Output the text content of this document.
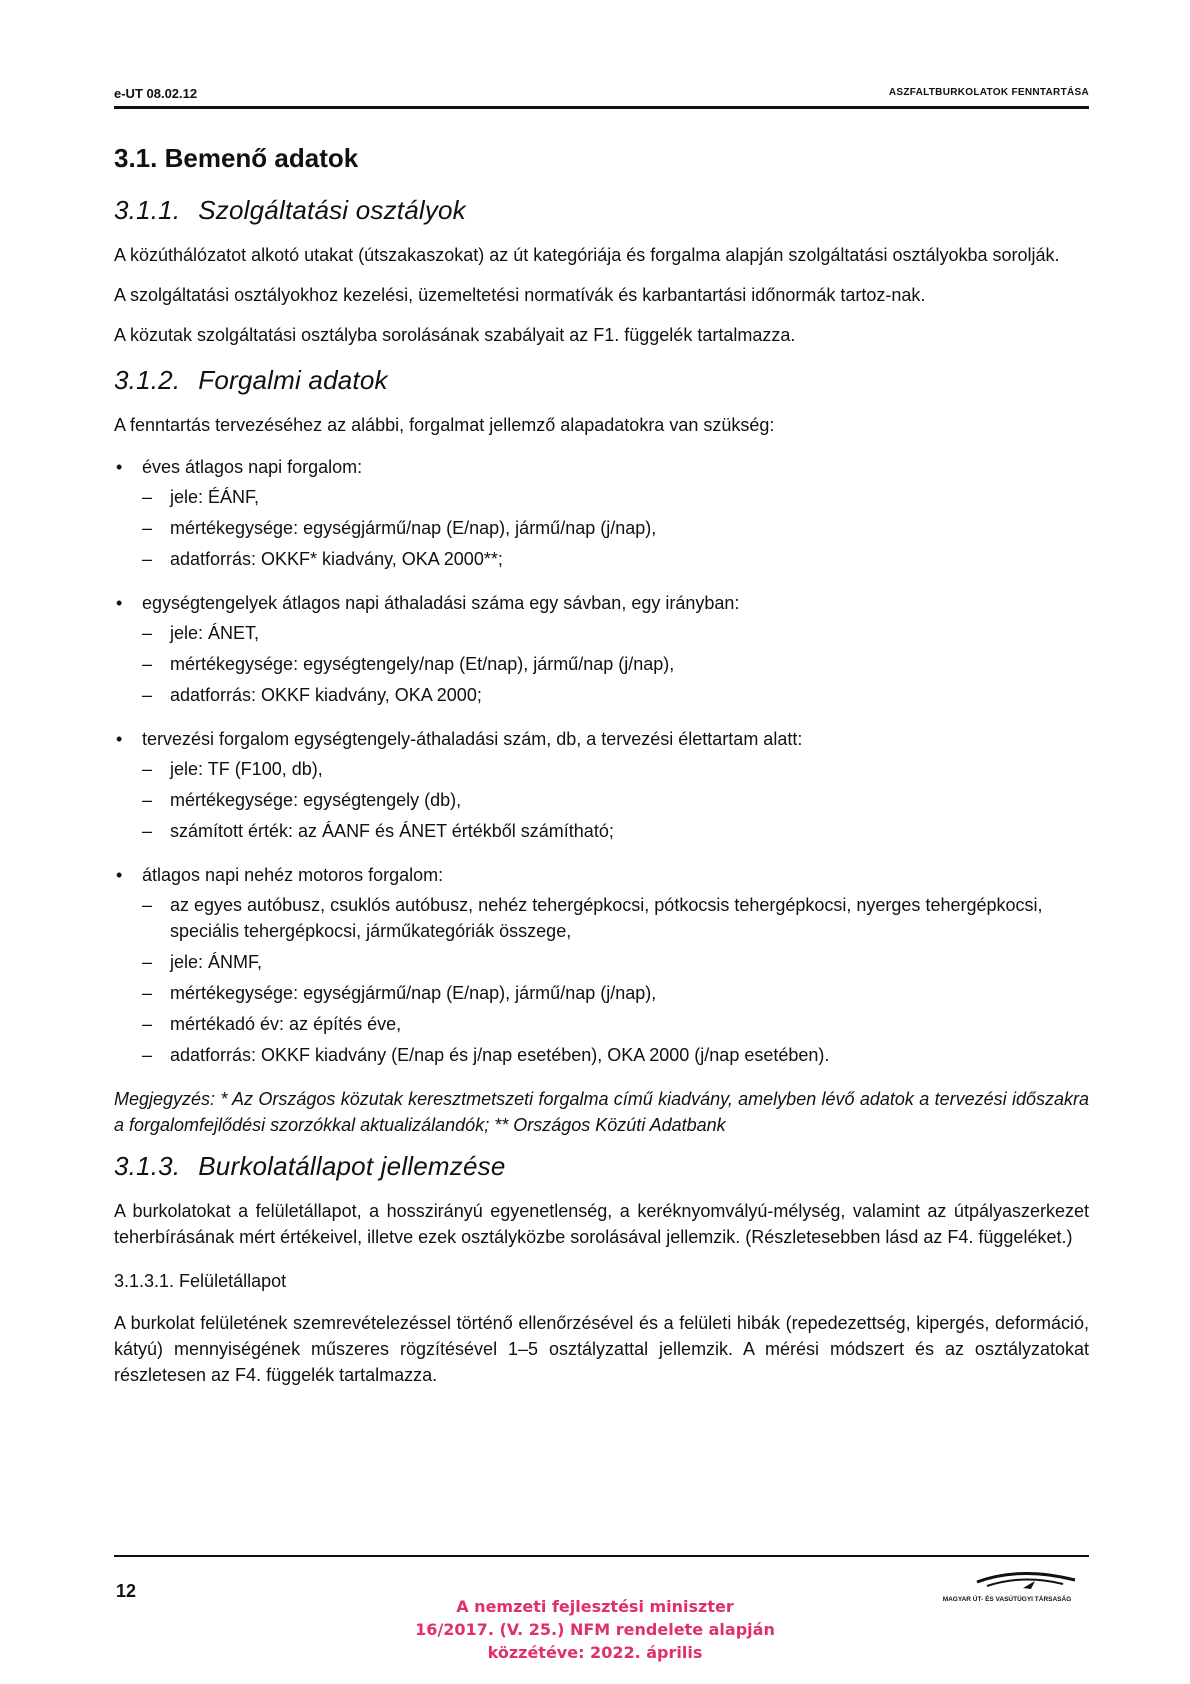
e-UT 08.02.12	ASZFALTBURKOLATOK FENNTARTÁSA
3.1. Bemenő adatok
3.1.1. Szolgáltatási osztályok

A közúthálózatot alkotó utakat (útszakaszokat) az út kategóriája és forgalma alapján szolgáltatási osztályokba sorolják.

A szolgáltatási osztályokhoz kezelési, üzemeltetési normatívák és karbantartási időnormák tartoz-nak.

A közutak szolgáltatási osztályba sorolásának szabályait az F1. függelék tartalmazza.

3.1.2. Forgalmi adatok

A fenntartás tervezéséhez az alábbi, forgalmat jellemző alapadatokra van szükség:

• éves átlagos napi forgalom:
– jele: ÉÁNF,
– mértékegysége: egységjármű/nap (E/nap), jármű/nap (j/nap),
– adatforrás: OKKF* kiadvány, OKA 2000**;
• egységtengelyek átlagos napi áthaladási száma egy sávban, egy irányban:
– jele: ÁNET,
– mértékegysége: egységtengely/nap (Et/nap), jármű/nap (j/nap),
– adatforrás: OKKF kiadvány, OKA 2000;
• tervezési forgalom egységtengely-áthaladási szám, db, a tervezési élettartam alatt:
– jele: TF (F100, db),
– mértékegysége: egységtengely (db),
– számított érték: az ÁANF és ÁNET értékből számítható;
• átlagos napi nehéz motoros forgalom:
– az egyes autóbusz, csuklós autóbusz, nehéz tehergépkocsi, pótkocsis tehergépkocsi, nyerges tehergépkocsi, speciális tehergépkocsi, járműkategóriák összege,
– jele: ÁNMF,
– mértékegysége: egységjármű/nap (E/nap), jármű/nap (j/nap),
– mértékadó év: az építés éve,
– adatforrás: OKKF kiadvány (E/nap és j/nap esetében), OKA 2000 (j/nap esetében).
Megjegyzés: * Az Országos közutak keresztmetszeti forgalma című kiadvány, amelyben lévő adatok a tervezési időszakra a forgalomfejlődési szorzókkal aktualizálandók; ** Országos Közúti Adatbank
3.1.3. Burkolatállapot jellemzése

A burkolatokat a felületállapot, a hosszirányú egyenetlenség, a keréknyomvályú-mélység, valamint az útpályaszerkezet teherbírásának mért értékeivel, illetve ezek osztályközbe sorolásával jellemzik. (Részletesebben lásd az F4. függeléket.)

3.1.3.1. Felületállapot

A burkolat felületének szemrevételezéssel történő ellenőrzésével és a felületi hibák (repedezettség, kipergés, deformáció, kátyú) mennyiségének műszeres rögzítésével 1–5 osztályzattal jellemzik. A mérési módszert és az osztályzatokat részletesen az F4. függelék tartalmazza.

12
A nemzeti fejlesztési miniszter
16/2017. (V. 25.) NFM rendelete alapján
közzétéve: 2022. április
MAGYAR ÚT- ÉS VASÚTÜGYI TÁRSASÁG
